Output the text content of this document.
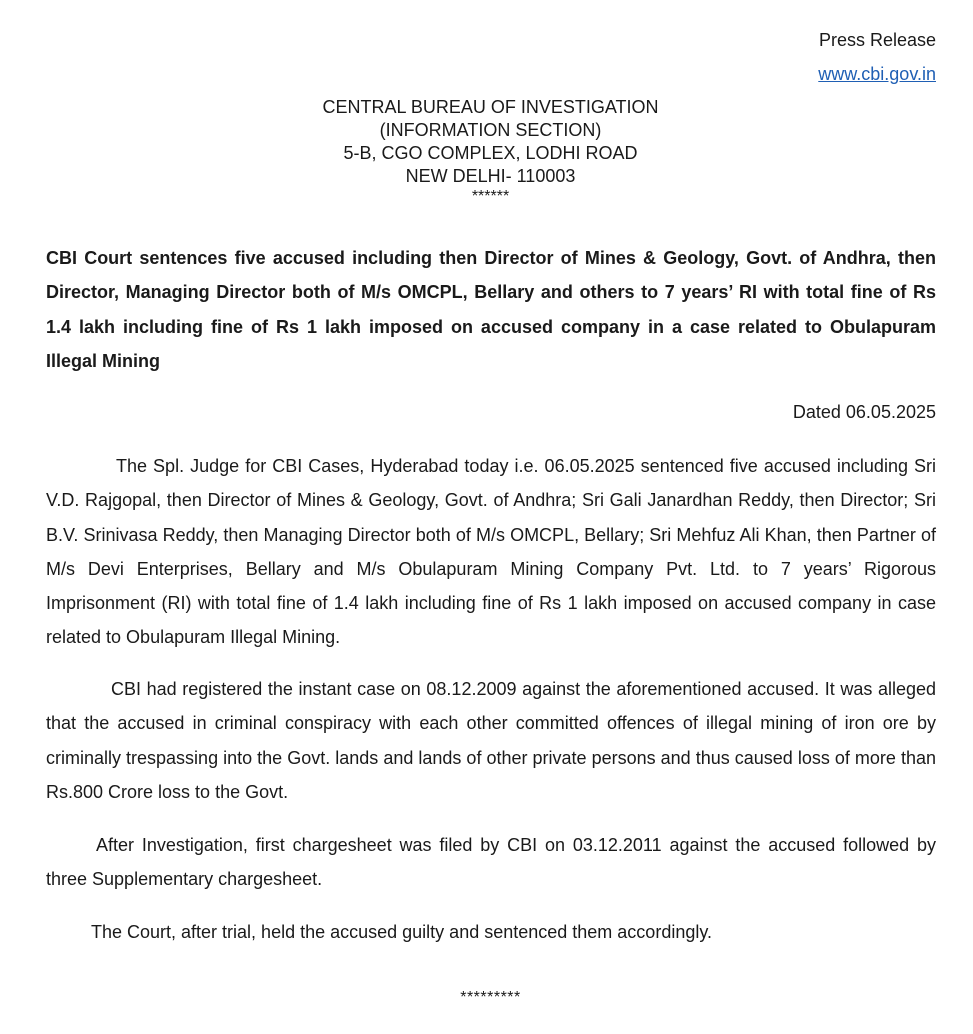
Press Release
www.cbi.gov.in
CENTRAL BUREAU OF INVESTIGATION
(INFORMATION SECTION)
5-B, CGO COMPLEX, LODHI ROAD
NEW DELHI- 110003
******
CBI Court sentences five accused including then Director of Mines & Geology, Govt. of Andhra, then Director, Managing Director both of M/s OMCPL, Bellary and others to 7 years’ RI with total fine of Rs 1.4 lakh including fine of Rs 1 lakh imposed on accused company in a case related to Obulapuram Illegal Mining
Dated 06.05.2025

The Spl. Judge for CBI Cases, Hyderabad today i.e. 06.05.2025 sentenced five accused including Sri V.D. Rajgopal, then Director of Mines & Geology, Govt. of Andhra; Sri Gali Janardhan Reddy, then Director; Sri B.V. Srinivasa Reddy, then Managing Director both of M/s OMCPL, Bellary; Sri Mehfuz Ali Khan, then Partner of M/s Devi Enterprises, Bellary and M/s Obulapuram Mining Company Pvt. Ltd. to 7 years’ Rigorous Imprisonment (RI) with total fine of 1.4 lakh including fine of Rs 1 lakh imposed on accused company in case related to Obulapuram Illegal Mining.

CBI had registered the instant case on 08.12.2009 against the aforementioned accused. It was alleged that the accused in criminal conspiracy with each other committed offences of illegal mining of iron ore by criminally trespassing into the Govt. lands and lands of other private persons and thus caused loss of more than Rs.800 Crore loss to the Govt.

After Investigation, first chargesheet was filed by CBI on 03.12.2011 against the accused followed by three Supplementary chargesheet.

The Court, after trial, held the accused guilty and sentenced them accordingly.

*********
